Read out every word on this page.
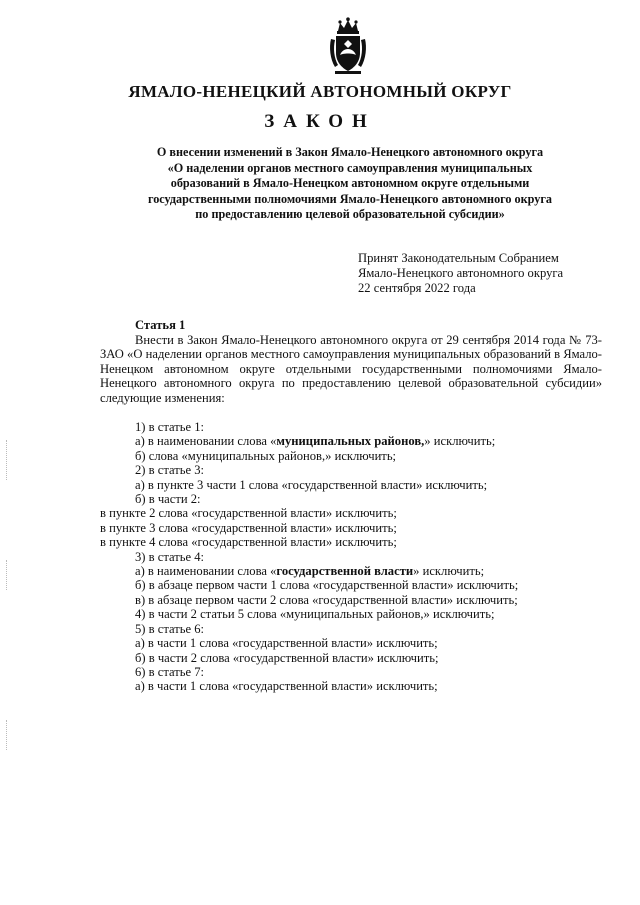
ЯМАЛО-НЕНЕЦКИЙ АВТОНОМНЫЙ ОКРУГ
ЗАКОН
О внесении изменений в Закон Ямало-Ненецкого автономного округа
«О наделении органов местного самоуправления муниципальных
образований в Ямало-Ненецком автономном округе отдельными
государственными полномочиями Ямало-Ненецкого автономного округа
по предоставлению целевой образовательной субсидии»
Принят Законодательным Собранием
Ямало-Ненецкого автономного округа
22 сентября 2022 года
Статья 1
Внести в Закон Ямало-Ненецкого автономного округа от 29 сентября 2014 года № 73-ЗАО «О наделении органов местного самоуправления муниципальных образований в Ямало-Ненецком автономном округе отдельными государственными полномочиями Ямало-Ненецкого автономного округа по предоставлению целевой образовательной субсидии» следующие изменения:
1) в статье 1:
а) в наименовании слова «муниципальных районов,» исключить;
б) слова «муниципальных районов,» исключить;
2) в статье 3:
а) в пункте 3 части 1 слова «государственной власти» исключить;
б) в части 2:
в пункте 2 слова «государственной власти» исключить;
в пункте 3 слова «государственной власти» исключить;
в пункте 4 слова «государственной власти» исключить;
3) в статье 4:
а) в наименовании слова «государственной власти» исключить;
б) в абзаце первом части 1 слова «государственной власти» исключить;
в) в абзаце первом части 2 слова «государственной власти» исключить;
4) в части 2 статьи 5 слова «муниципальных районов,» исключить;
5) в статье 6:
а) в части 1 слова «государственной власти» исключить;
б) в части 2 слова «государственной власти» исключить;
6) в статье 7:
а) в части 1 слова «государственной власти» исключить;
